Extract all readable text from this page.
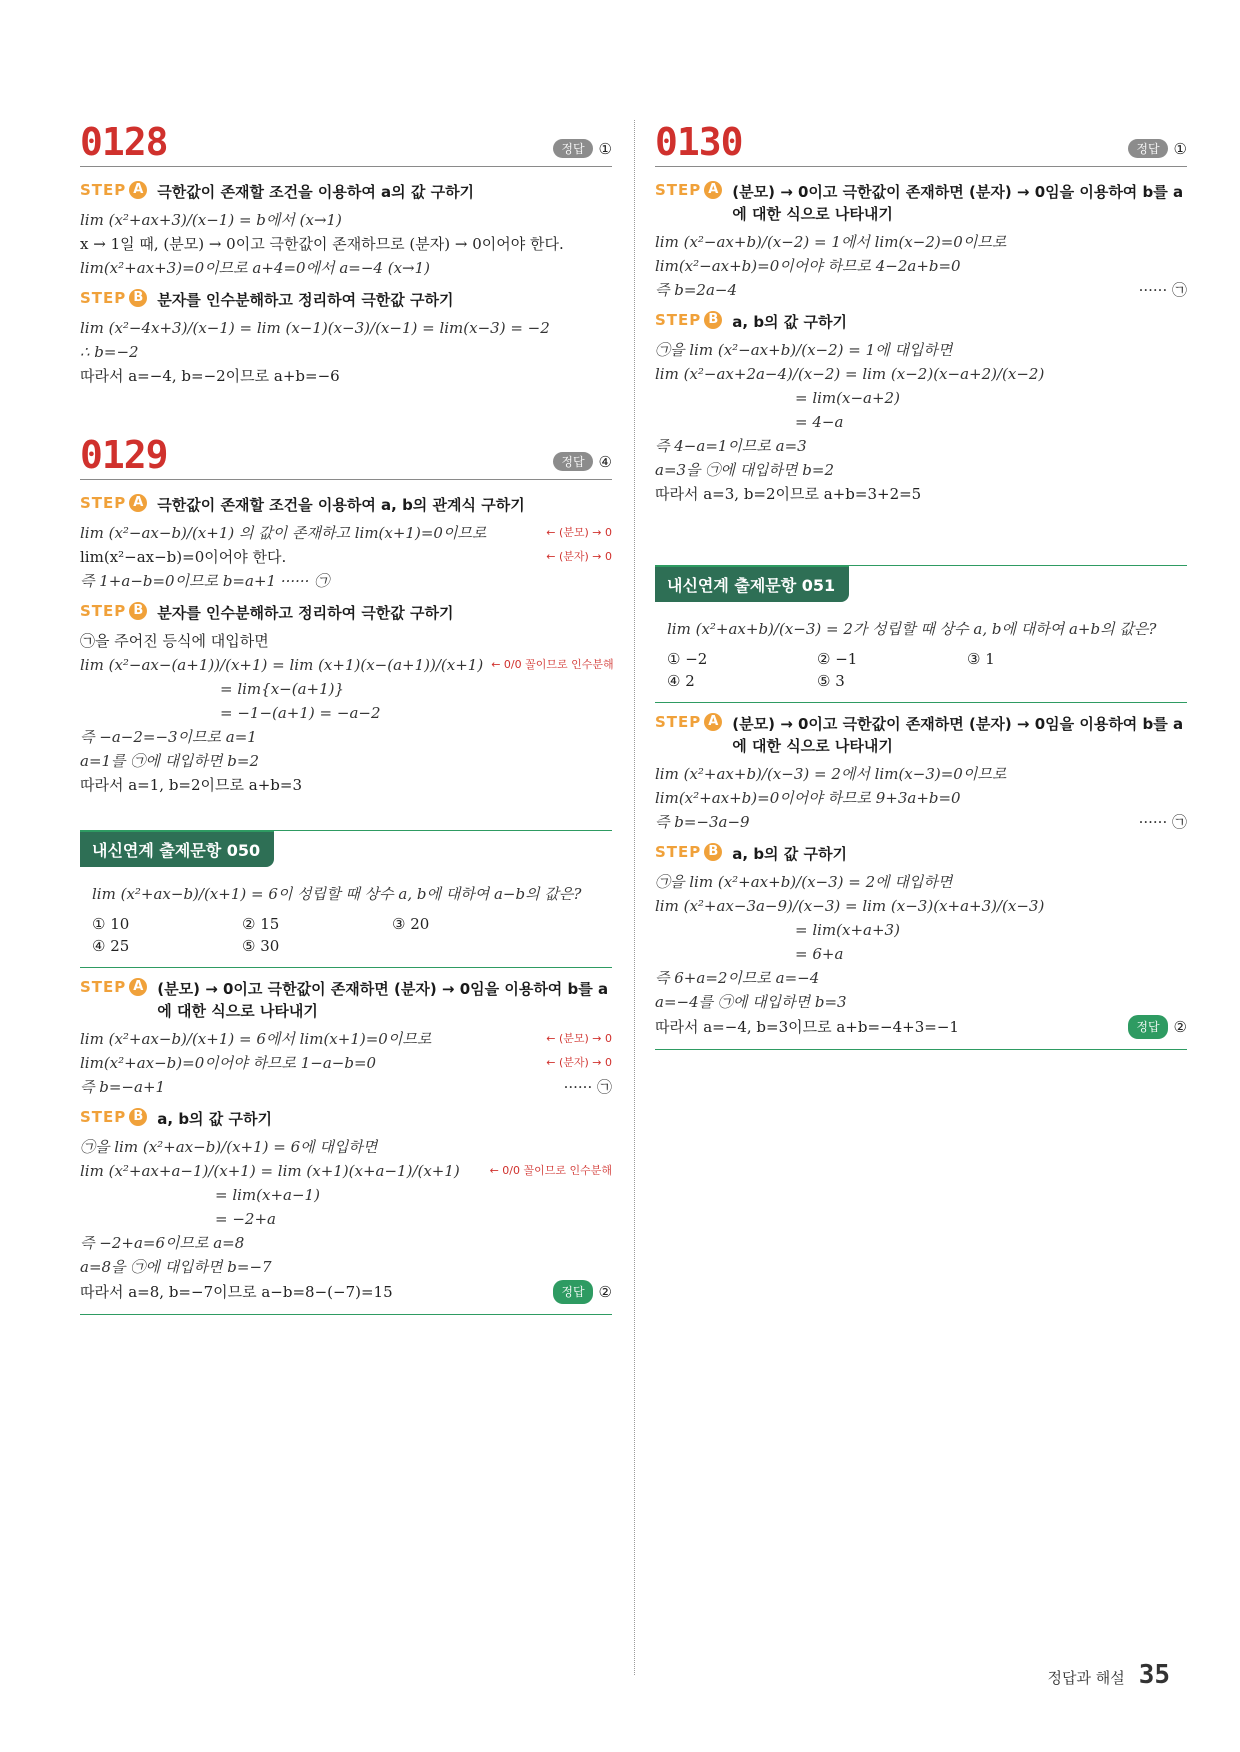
0128	정답 ①
STEP A 극한값이 존재할 조건을 이용하여 a의 값 구하기
lim (x²+ax+3)/(x−1) = b에서 (x→1)
x → 1일 때, (분모) → 0이고 극한값이 존재하므로 (분자) → 0이어야 한다.
lim(x²+ax+3)=0이므로 a+4=0에서 a=−4 (x→1)
STEP B 분자를 인수분해하고 정리하여 극한값 구하기
lim (x²−4x+3)/(x−1) = lim (x−1)(x−3)/(x−1) = lim(x−3) = −2
∴ b=−2
따라서 a=−4, b=−2이므로 a+b=−6
0129	정답 ④
STEP A 극한값이 존재할 조건을 이용하여 a, b의 관계식 구하기
lim (x²−ax−b)/(x+1) 의 값이 존재하고 lim(x+1)=0이므로	← (분모) → 0
lim(x²−ax−b)=0이어야 한다.	← (분자) → 0
즉 1+a−b=0이므로 b=a+1 ······ ㉠
STEP B 분자를 인수분해하고 정리하여 극한값 구하기
㉠을 주어진 등식에 대입하면
lim (x²−ax−(a+1))/(x+1) = lim (x+1)(x−(a+1))/(x+1) ← 0/0 꼴이므로 인수분해
= lim{x−(a+1)}
= −1−(a+1) = −a−2
즉 −a−2=−3이므로 a=1
a=1를 ㉠에 대입하면 b=2
따라서 a=1, b=2이므로 a+b=3
내신연계 출제문항 050
lim (x²+ax−b)/(x+1) = 6이 성립할 때 상수 a, b에 대하여 a−b의 값은?
① 10	② 15	③ 20
④ 25	⑤ 30
STEP A (분모) → 0이고 극한값이 존재하면 (분자) → 0임을 이용하여 b를 a에 대한 식으로 나타내기
lim (x²+ax−b)/(x+1) = 6에서 lim(x+1)=0이므로	← (분모) → 0
lim(x²+ax−b)=0이어야 하므로 1−a−b=0	← (분자) → 0
즉 b=−a+1	······ ㉠
STEP B a, b의 값 구하기
㉠을 lim (x²+ax−b)/(x+1) = 6에 대입하면
lim (x²+ax+a−1)/(x+1) = lim (x+1)(x+a−1)/(x+1)	← 0/0 꼴이므로 인수분해
= lim(x+a−1)
= −2+a
즉 −2+a=6이므로 a=8
a=8을 ㉠에 대입하면 b=−7
따라서 a=8, b=−7이므로 a−b=8−(−7)=15	정답 ②
0130	정답 ①
STEP A (분모) → 0이고 극한값이 존재하면 (분자) → 0임을 이용하여 b를 a에 대한 식으로 나타내기
lim (x²−ax+b)/(x−2) = 1에서 lim(x−2)=0이므로
lim(x²−ax+b)=0이어야 하므로 4−2a+b=0
즉 b=2a−4	······ ㉠
STEP B a, b의 값 구하기
㉠을 lim (x²−ax+b)/(x−2) = 1에 대입하면
lim (x²−ax+2a−4)/(x−2) = lim (x−2)(x−a+2)/(x−2)
= lim(x−a+2)
= 4−a
즉 4−a=1이므로 a=3
a=3을 ㉠에 대입하면 b=2
따라서 a=3, b=2이므로 a+b=3+2=5
내신연계 출제문항 051
lim (x²+ax+b)/(x−3) = 2가 성립할 때 상수 a, b에 대하여 a+b의 값은?
① −2	② −1	③ 1
④ 2	⑤ 3
STEP A (분모) → 0이고 극한값이 존재하면 (분자) → 0임을 이용하여 b를 a에 대한 식으로 나타내기
lim (x²+ax+b)/(x−3) = 2에서 lim(x−3)=0이므로
lim(x²+ax+b)=0이어야 하므로 9+3a+b=0
즉 b=−3a−9	······ ㉠
STEP B a, b의 값 구하기
㉠을 lim (x²+ax+b)/(x−3) = 2에 대입하면
lim (x²+ax−3a−9)/(x−3) = lim (x−3)(x+a+3)/(x−3)
= lim(x+a+3)
= 6+a
즉 6+a=2이므로 a=−4
a=−4를 ㉠에 대입하면 b=3
따라서 a=−4, b=3이므로 a+b=−4+3=−1	정답 ②
정답과 해설 35
